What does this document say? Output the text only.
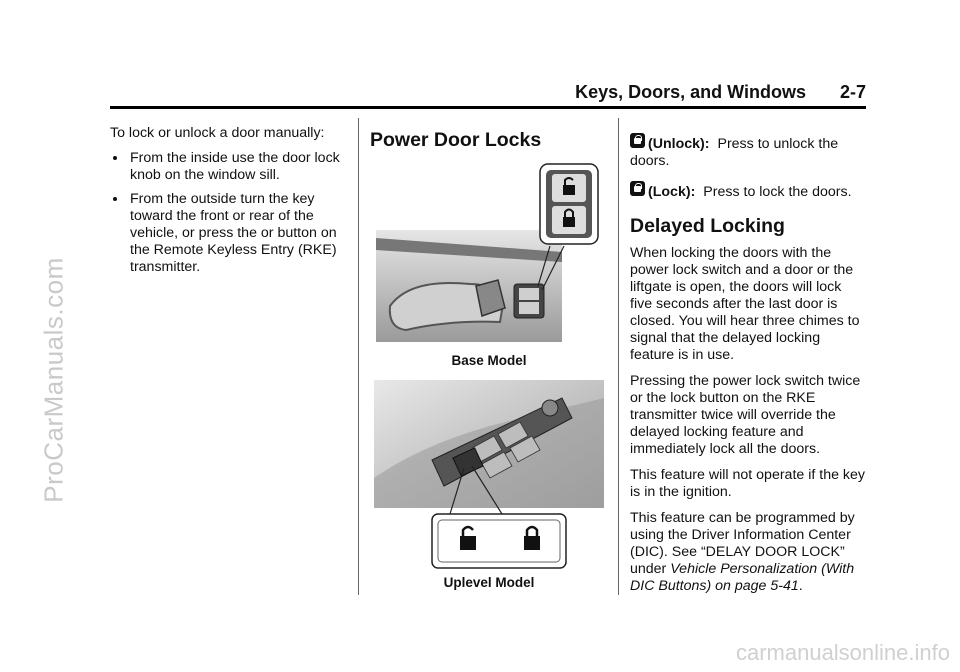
ProCarManuals.com
carmanualsonline.info
Keys, Doors, and Windows 2-7

To lock or unlock a door manually:

From the inside use the door lock knob on the window sill.
From the outside turn the key toward the front or rear of the vehicle, or press the or button on the Remote Keyless Entry (RKE) transmitter.
Power Door Locks
Base Model
Uplevel Model

(Unlock): Press to unlock the doors.

(Lock): Press to lock the doors.

Delayed Locking

When locking the doors with the power lock switch and a door or the liftgate is open, the doors will lock five seconds after the last door is closed. You will hear three chimes to signal that the delayed locking feature is in use.

Pressing the power lock switch twice or the lock button on the RKE transmitter twice will override the delayed locking feature and immediately lock all the doors.

This feature will not operate if the key is in the ignition.

This feature can be programmed by using the Driver Information Center (DIC). See “DELAY DOOR LOCK” under Vehicle Personalization (With DIC Buttons) on page 5-41.
